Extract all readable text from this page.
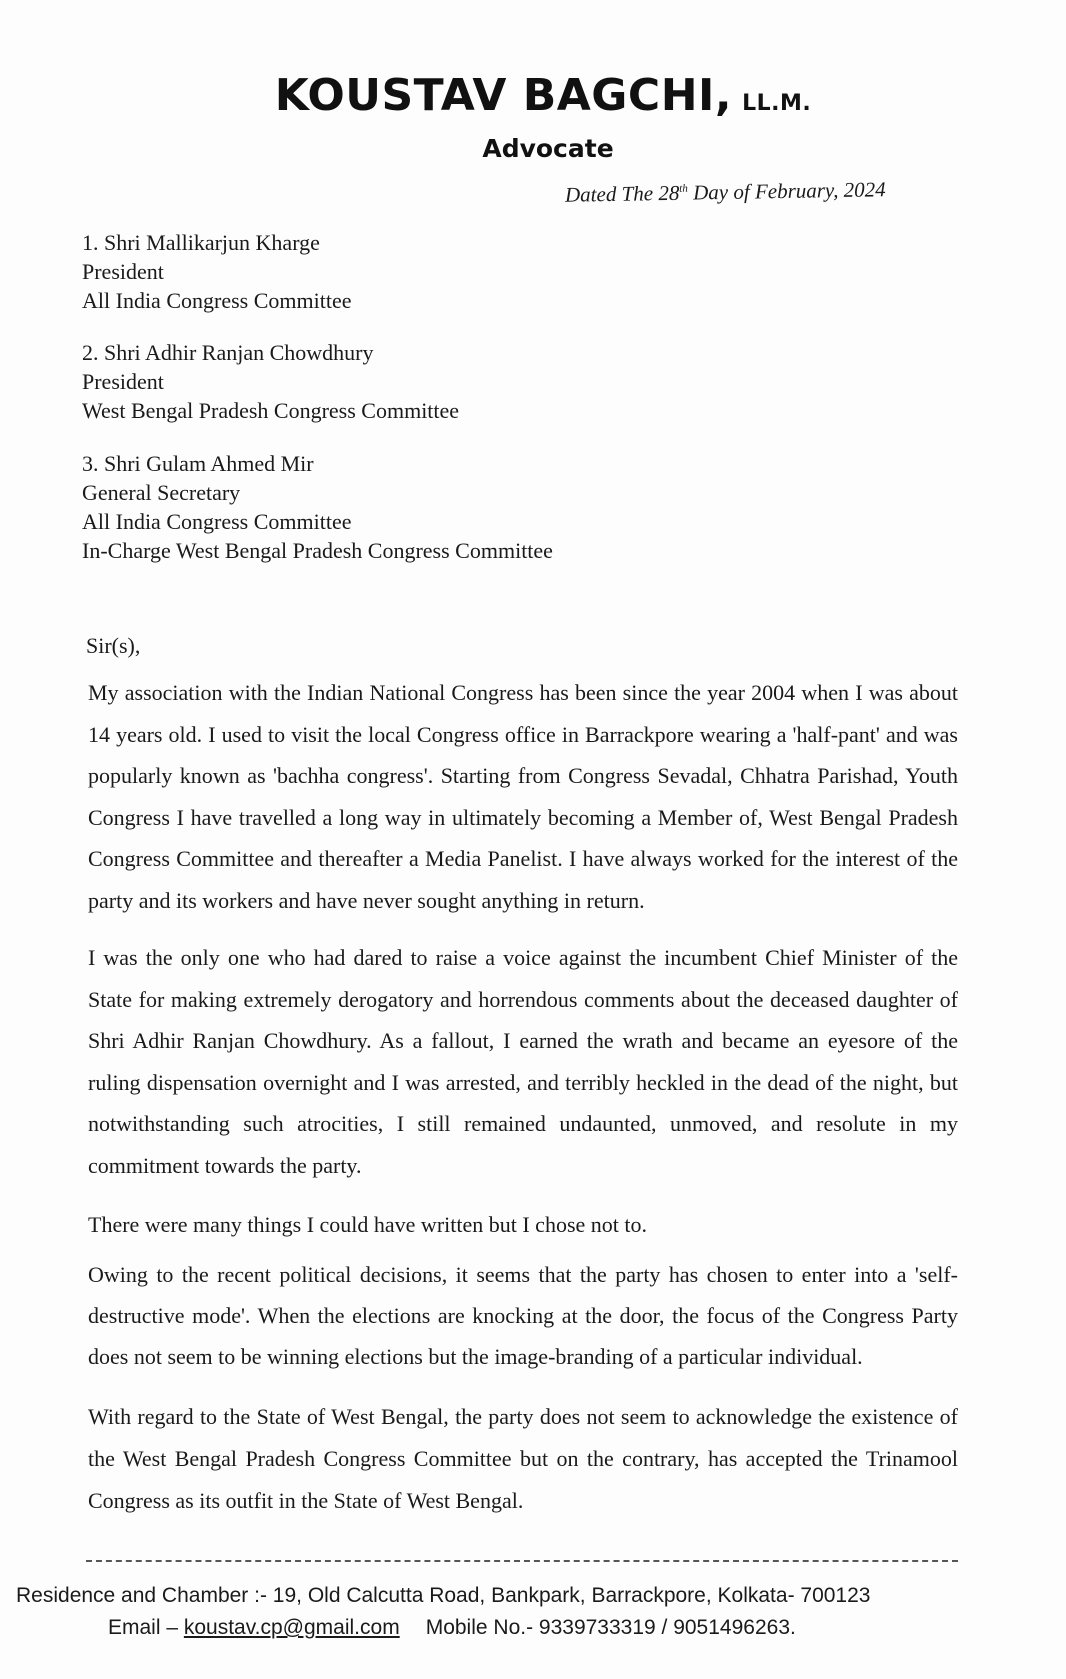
KOUSTAV BAGCHI, LL.M.
Advocate
Dated The 28th Day of February, 2024
1. Shri Mallikarjun Kharge
President
All India Congress Committee
2. Shri Adhir Ranjan Chowdhury
President
West Bengal Pradesh Congress Committee
3. Shri Gulam Ahmed Mir
General Secretary
All India Congress Committee
In-Charge West Bengal Pradesh Congress Committee
Sir(s),
My association with the Indian National Congress has been since the year 2004 when I was about 14 years old. I used to visit the local Congress office in Barrackpore wearing a 'half-pant' and was popularly known as 'bachha congress'. Starting from Congress Sevadal, Chhatra Parishad, Youth Congress I have travelled a long way in ultimately becoming a Member of, West Bengal Pradesh Congress Committee and thereafter a Media Panelist. I have always worked for the interest of the party and its workers and have never sought anything in return.
I was the only one who had dared to raise a voice against the incumbent Chief Minister of the State for making extremely derogatory and horrendous comments about the deceased daughter of Shri Adhir Ranjan Chowdhury. As a fallout, I earned the wrath and became an eyesore of the ruling dispensation overnight and I was arrested, and terribly heckled in the dead of the night, but notwithstanding such atrocities, I still remained undaunted, unmoved, and resolute in my commitment towards the party.
There were many things I could have written but I chose not to.
Owing to the recent political decisions, it seems that the party has chosen to enter into a 'self-destructive mode'. When the elections are knocking at the door, the focus of the Congress Party does not seem to be winning elections but the image-branding of a particular individual.
With regard to the State of West Bengal, the party does not seem to acknowledge the existence of the West Bengal Pradesh Congress Committee but on the contrary, has accepted the Trinamool Congress as its outfit in the State of West Bengal.
Residence and Chamber :- 19, Old Calcutta Road, Bankpark, Barrackpore, Kolkata- 700123
Email – koustav.cp@gmail.com Mobile No.- 9339733319 / 9051496263.
